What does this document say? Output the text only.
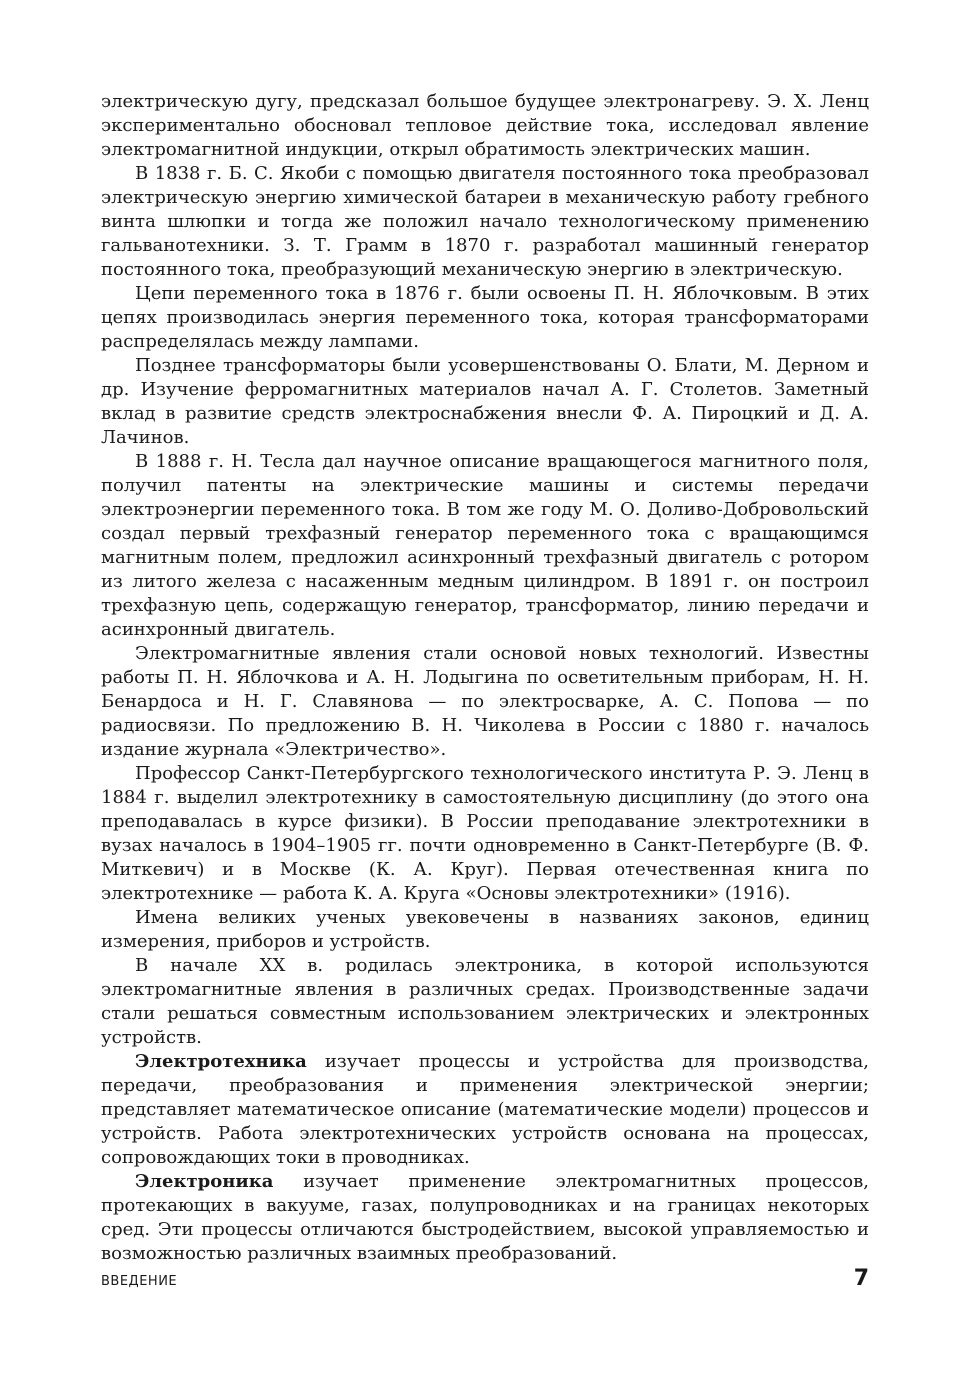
электрическую дугу, предсказал большое будущее электронагреву. Э. Х. Ленц экспериментально обосновал тепловое действие тока, исследовал явление электромагнитной индукции, открыл обратимость электрических машин.

В 1838 г. Б. С. Якоби с помощью двигателя постоянного тока преобразовал электрическую энергию химической батареи в механическую работу гребного винта шлюпки и тогда же положил начало технологическому применению гальванотехники. З. Т. Грамм в 1870 г. разработал машинный генератор постоянного тока, преобразующий механическую энергию в электрическую.

Цепи переменного тока в 1876 г. были освоены П. Н. Яблочковым. В этих цепях производилась энергия переменного тока, которая трансформаторами распределялась между лампами.

Позднее трансформаторы были усовершенствованы О. Блати, М. Дерном и др. Изучение ферромагнитных материалов начал А. Г. Столетов. Заметный вклад в развитие средств электроснабжения внесли Ф. А. Пироцкий и Д. А. Лачинов.

В 1888 г. Н. Тесла дал научное описание вращающегося магнитного поля, получил патенты на электрические машины и системы передачи электроэнергии переменного тока. В том же году М. О. Доливо-Добровольский создал первый трехфазный генератор переменного тока с вращающимся магнитным полем, предложил асинхронный трехфазный двигатель с ротором из литого железа с насаженным медным цилиндром. В 1891 г. он построил трехфазную цепь, содержащую генератор, трансформатор, линию передачи и асинхронный двигатель.

Электромагнитные явления стали основой новых технологий. Известны работы П. Н. Яблочкова и А. Н. Лодыгина по осветительным приборам, Н. Н. Бенардоса и Н. Г. Славянова — по электросварке, А. С. Попова — по радиосвязи. По предложению В. Н. Чиколева в России с 1880 г. началось издание журнала «Электричество».

Профессор Санкт-Петербургского технологического института Р. Э. Ленц в 1884 г. выделил электротехнику в самостоятельную дисциплину (до этого она преподавалась в курсе физики). В России преподавание электротехники в вузах началось в 1904–1905 гг. почти одновременно в Санкт-Петербурге (В. Ф. Миткевич) и в Москве (К. А. Круг). Первая отечественная книга по электротехнике — работа К. А. Круга «Основы электротехники» (1916).

Имена великих ученых увековечены в названиях законов, единиц измерения, приборов и устройств.

В начале XX в. родилась электроника, в которой используются электромагнитные явления в различных средах. Производственные задачи стали решаться совместным использованием электрических и электронных устройств.

Электротехника изучает процессы и устройства для производства, передачи, преобразования и применения электрической энергии; представляет математическое описание (математические модели) процессов и устройств. Работа электротехнических устройств основана на процессах, сопровождающих токи в проводниках.

Электроника изучает применение электромагнитных процессов, протекающих в вакууме, газах, полупроводниках и на границах некоторых сред. Эти процессы отличаются быстродействием, высокой управляемостью и возможностью различных взаимных преобразований.

ВВЕДЕНИЕ	7
